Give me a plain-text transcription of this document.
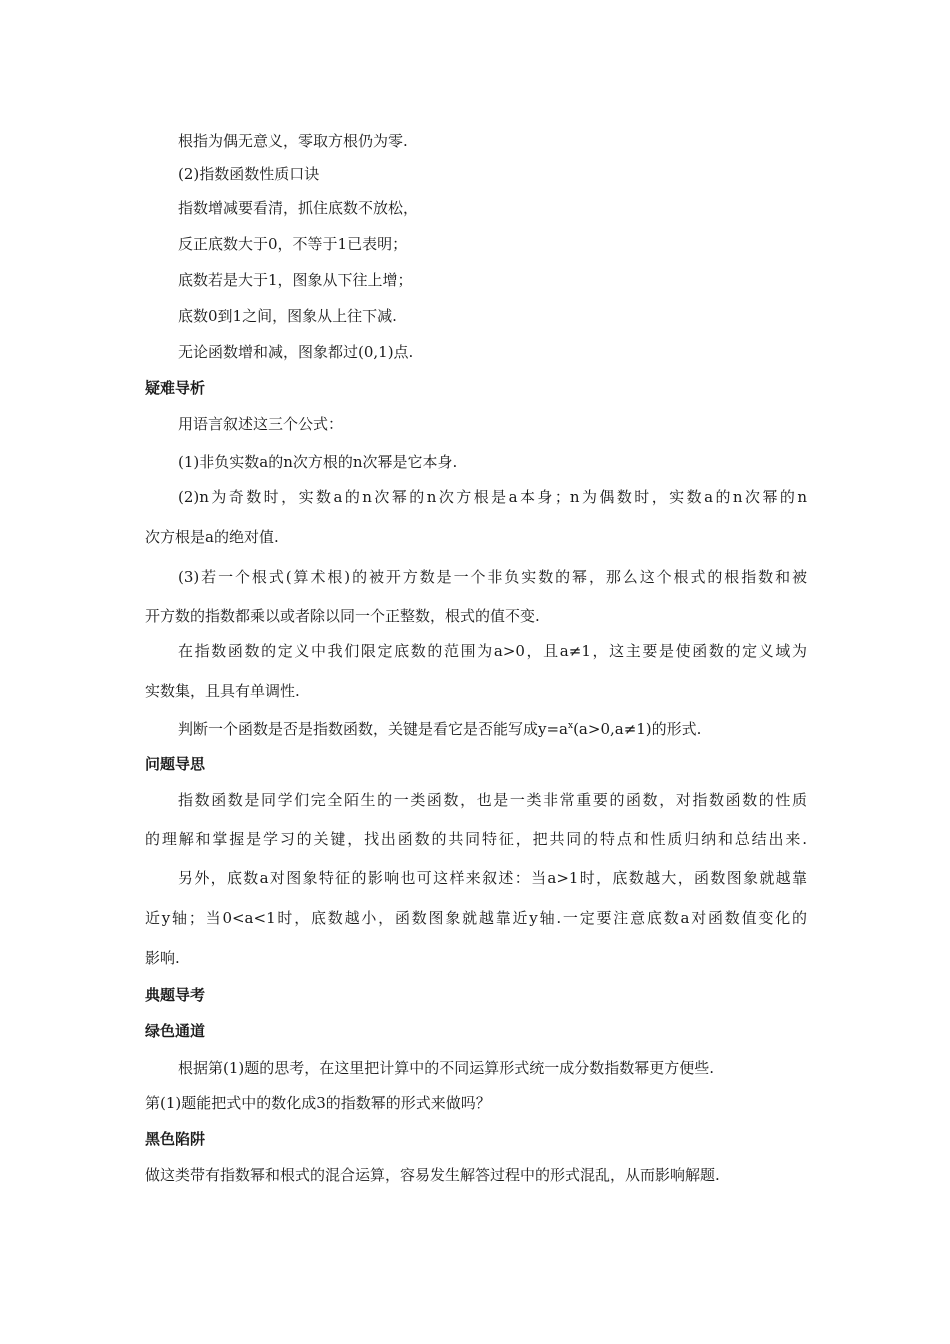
根指为偶无意义，零取方根仍为零.
(2)指数函数性质口诀
指数增减要看清，抓住底数不放松，
反正底数大于0，不等于1已表明；
底数若是大于1，图象从下往上增；
底数0到1之间，图象从上往下减.
无论函数增和减，图象都过(0,1)点.
疑难导析
用语言叙述这三个公式：
(1)非负实数a的n次方根的n次幂是它本身.
(2)n为奇数时，实数a的n次幂的n次方根是a本身；n为偶数时，实数a的n次幂的n
次方根是a的绝对值.
(3)若一个根式(算术根)的被开方数是一个非负实数的幂，那么这个根式的根指数和被
开方数的指数都乘以或者除以同一个正整数，根式的值不变.
在指数函数的定义中我们限定底数的范围为a>0，且a≠1，这主要是使函数的定义域为
实数集，且具有单调性.
判断一个函数是否是指数函数，关键是看它是否能写成$y=a^x(a>0,a\ne 1)$的形式.
问题导思
指数函数是同学们完全陌生的一类函数，也是一类非常重要的函数，对指数函数的性质
的理解和掌握是学习的关键，找出函数的共同特征，把共同的特点和性质归纳和总结出来.
另外，底数a对图象特征的影响也可这样来叙述：当a>1时，底数越大，函数图象就越靠
近y轴；当0<a<1时，底数越小，函数图象就越靠近y轴.一定要注意底数a对函数值变化的
影响.
典题导考
绿色通道
根据第(1)题的思考，在这里把计算中的不同运算形式统一成分数指数幂更方便些.
第(1)题能把式中的数化成3的指数幂的形式来做吗？
黑色陷阱
做这类带有指数幂和根式的混合运算，容易发生解答过程中的形式混乱，从而影响解题.
